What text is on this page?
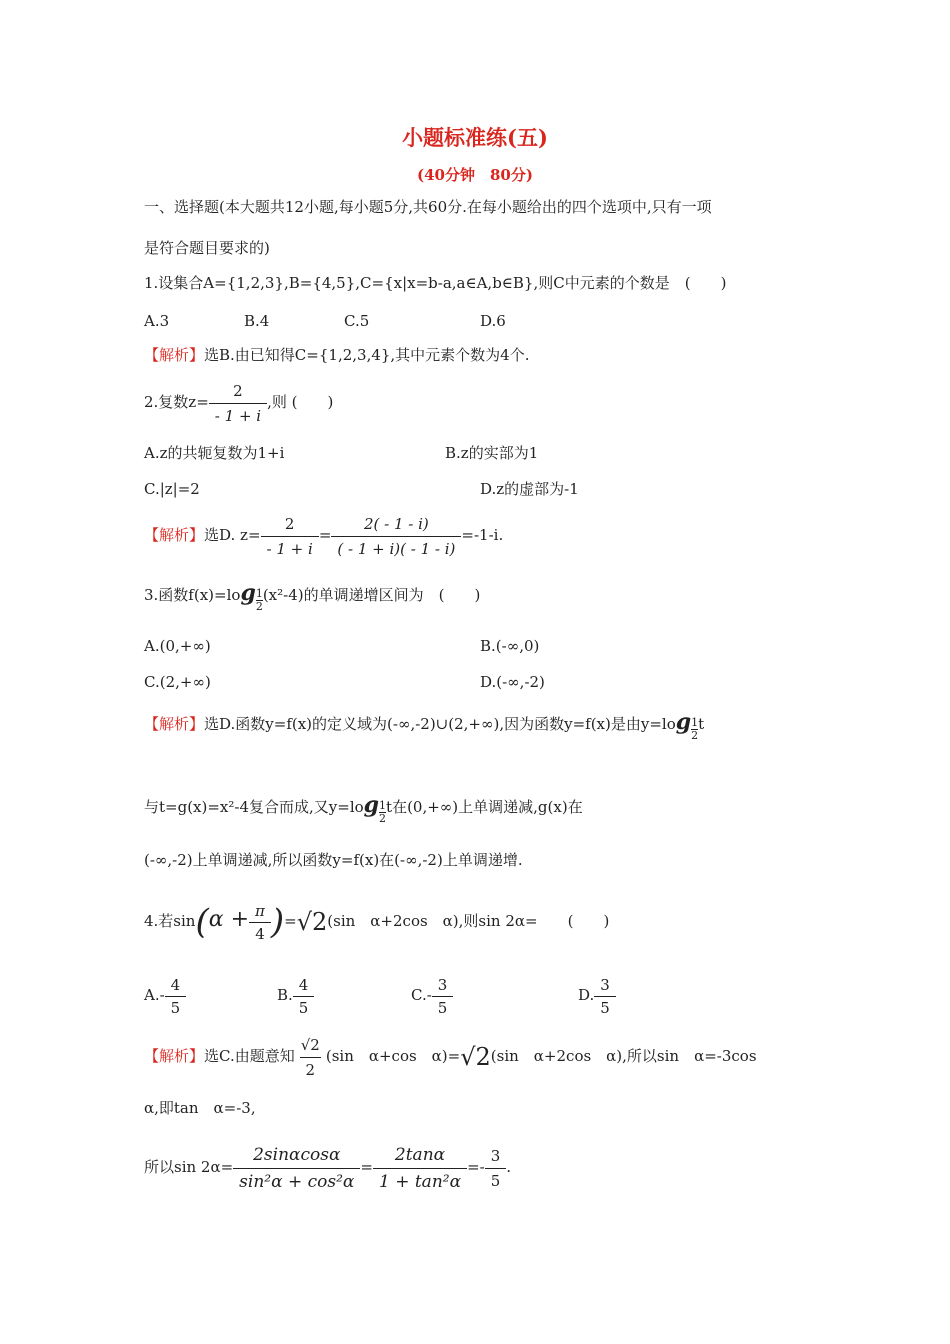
小题标准练(五)
(40分钟　80分)
一、选择题(本大题共12小题,每小题5分,共60分.在每小题给出的四个选项中,只有一项
是符合题目要求的)
1.设集合A={1,2,3},B={4,5},C={x|x=b-a,a∈A,b∈B},则C中元素的个数是　(　　)
A.3	B.4	C.5	D.6
【解析】选B.由已知得C={1,2,3,4},其中元素个数为4个.
2.复数$z= \frac{2}{- 1 + i}$ ,则 (　　)
A.z的共轭复数为1+i	B.z的实部为1
C.|z|=2	D.z的虚部为-1
【解析】选D. $z= \frac{2}{- 1 + i} = \frac{2( - 1 - i)}{( - 1 + i)( - 1 - i)} =-1-i$.
3.函数$f(x)=\log \frac{1}{2} (x^2-4)$的单调递增区间为　(　　)
A.(0,+∞)	B.(-∞,0)
C.(2,+∞)	D.(-∞,-2)
【解析】选D.函数y=f(x)的定义域为(-∞,-2)∪(2,+∞),因为函数y=f(x)是由$y=\log \frac{1}{2}$ t
与t=g(x)=x²-4复合而成,又$y=\log \frac{1}{2}$ t在(0,+∞)上单调递减,g(x)在
(-∞,-2)上单调递减,所以函数y=f(x)在(-∞,-2)上单调递增.
4.若$\sin(\alpha + \frac{\pi}{4} )=√2(\sin$　α+2cos　α),则sin 2α=　　(　　)
$A.- \frac{4}{5}$	B. $\frac{4}{5}$	$C.- \frac{3}{5}$	D. $\frac{3}{5}$
【解析】选C.由题意知 $\frac{√2}{2} (\sin$　α+cos　α)=√2(sin　α+2cos　α),所以sin　α=-3cos
α,即tan　α=-3,
所以$\sin 2\alpha= \frac{2\sin\alpha\cos\alpha}{\text{sin²α + cos²α}} = \frac{2\tan\alpha}{\text{1 + tan²α}} =- \frac{3}{5}$ .
